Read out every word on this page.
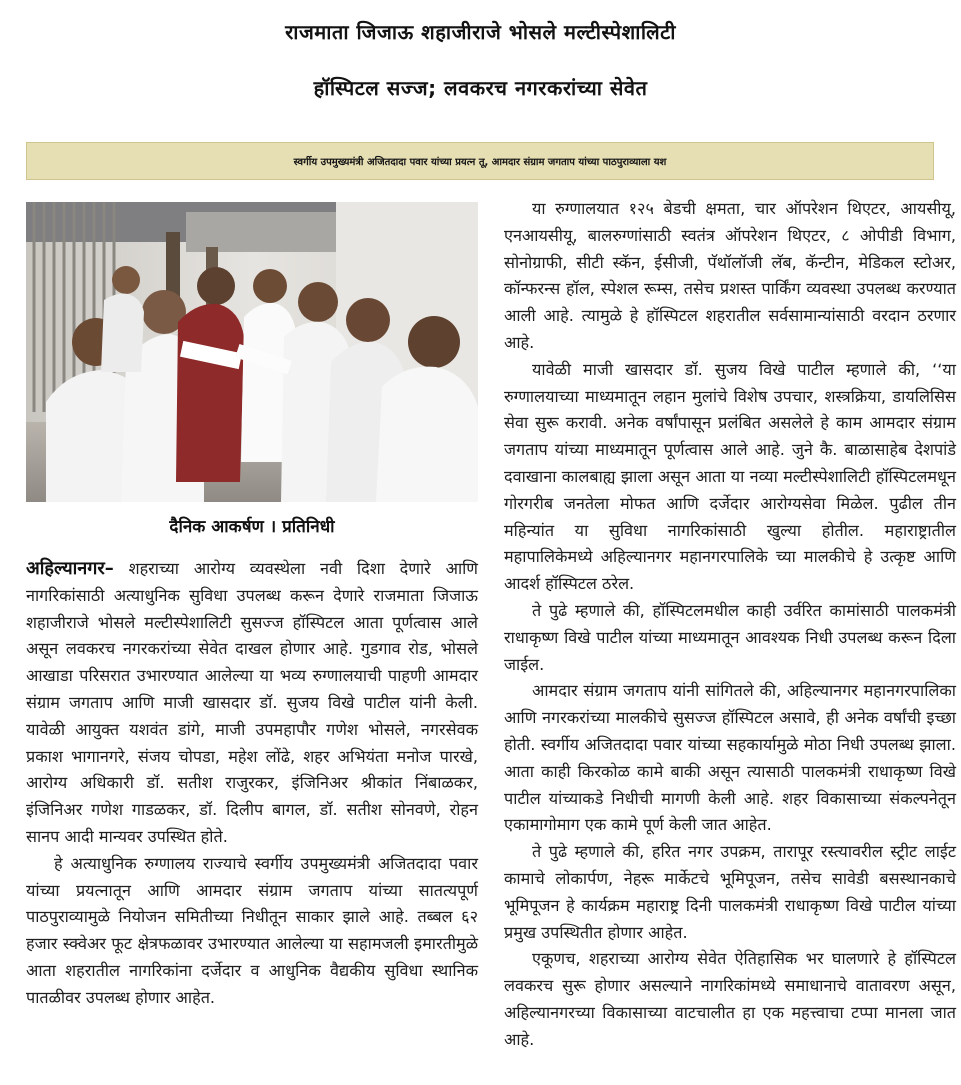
राजमाता जिजाऊ शहाजीराजे भोसले मल्टीस्पेशालिटी
हॉस्पिटल सज्ज; लवकरच नगरकरांच्या सेवेत
स्वर्गीय उपमुख्यमंत्री अजितदादा पवार यांच्या प्रयत्न तू, आमदार संग्राम जगताप यांच्या पाठपुराव्याला यश
दैनिक आकर्षण । प्रतिनिधी

अहिल्यानगर– शहराच्या आरोग्य व्यवस्थेला नवी दिशा देणारे आणि नागरिकांसाठी अत्याधुनिक सुविधा उपलब्ध करून देणारे राजमाता जिजाऊ शहाजीराजे भोसले मल्टीस्पेशालिटी सुसज्ज हॉस्पिटल आता पूर्णत्वास आले असून लवकरच नगरकरांच्या सेवेत दाखल होणार आहे. गुडगाव रोड, भोसले आखाडा परिसरात उभारण्यात आलेल्या या भव्य रुग्णालयाची पाहणी आमदार संग्राम जगताप आणि माजी खासदार डॉ. सुजय विखे पाटील यांनी केली. यावेळी आयुक्त यशवंत डांगे, माजी उपमहापौर गणेश भोसले, नगरसेवक प्रकाश भागानगरे, संजय चोपडा, महेश लोंढे, शहर अभियंता मनोज पारखे, आरोग्य अधिकारी डॉ. सतीश राजुरकर, इंजिनिअर श्रीकांत निंबाळकर, इंजिनिअर गणेश गाडळकर, डॉ. दिलीप बागल, डॉ. सतीश सोनवणे, रोहन सानप आदी मान्यवर उपस्थित होते.

हे अत्याधुनिक रुग्णालय राज्याचे स्वर्गीय उपमुख्यमंत्री अजितदादा पवार यांच्या प्रयत्नातून आणि आमदार संग्राम जगताप यांच्या सातत्यपूर्ण पाठपुराव्यामुळे नियोजन समितीच्या निधीतून साकार झाले आहे. तब्बल ६२ हजार स्क्वेअर फूट क्षेत्रफळावर उभारण्यात आलेल्या या सहामजली इमारतीमुळे आता शहरातील नागरिकांना दर्जेदार व आधुनिक वैद्यकीय सुविधा स्थानिक पातळीवर उपलब्ध होणार आहेत.

या रुग्णालयात १२५ बेडची क्षमता, चार ऑपरेशन थिएटर, आयसीयू, एनआयसीयू, बालरुग्णांसाठी स्वतंत्र ऑपरेशन थिएटर, ८ ओपीडी विभाग, सोनोग्राफी, सीटी स्कॅन, ईसीजी, पॅथॉलॉजी लॅब, कॅन्टीन, मेडिकल स्टोअर, कॉन्फरन्स हॉल, स्पेशल रूम्स, तसेच प्रशस्त पार्किंग व्यवस्था उपलब्ध करण्यात आली आहे. त्यामुळे हे हॉस्पिटल शहरातील सर्वसामान्यांसाठी वरदान ठरणार आहे.

यावेळी माजी खासदार डॉ. सुजय विखे पाटील म्हणाले की, ‘‘या रुग्णालयाच्या माध्यमातून लहान मुलांचे विशेष उपचार, शस्त्रक्रिया, डायलिसिस सेवा सुरू करावी. अनेक वर्षांपासून प्रलंबित असलेले हे काम आमदार संग्राम जगताप यांच्या माध्यमातून पूर्णत्वास आले आहे. जुने कै. बाळासाहेब देशपांडे दवाखाना कालबाह्य झाला असून आता या नव्या मल्टीस्पेशालिटी हॉस्पिटलमधून गोरगरीब जनतेला मोफत आणि दर्जेदार आरोग्यसेवा मिळेल. पुढील तीन महिन्यांत या सुविधा नागरिकांसाठी खुल्या होतील. महाराष्ट्रातील महापालिकेमध्ये अहिल्यानगर महानगरपालिके च्या मालकीचे हे उत्कृष्ट आणि आदर्श हॉस्पिटल ठरेल.

ते पुढे म्हणाले की, हॉस्पिटलमधील काही उर्वरित कामांसाठी पालकमंत्री राधाकृष्ण विखे पाटील यांच्या माध्यमातून आवश्यक निधी उपलब्ध करून दिला जाईल.

आमदार संग्राम जगताप यांनी सांगितले की, अहिल्यानगर महानगरपालिका आणि नगरकरांच्या मालकीचे सुसज्ज हॉस्पिटल असावे, ही अनेक वर्षांची इच्छा होती. स्वर्गीय अजितदादा पवार यांच्या सहकार्यामुळे मोठा निधी उपलब्ध झाला. आता काही किरकोळ कामे बाकी असून त्यासाठी पालकमंत्री राधाकृष्ण विखे पाटील यांच्याकडे निधीची मागणी केली आहे. शहर विकासाच्या संकल्पनेतून एकामागोमाग एक कामे पूर्ण केली जात आहेत.

ते पुढे म्हणाले की, हरित नगर उपक्रम, तारापूर रस्त्यावरील स्ट्रीट लाईट कामाचे लोकार्पण, नेहरू मार्केटचे भूमिपूजन, तसेच सावेडी बसस्थानकाचे भूमिपूजन हे कार्यक्रम महाराष्ट्र दिनी पालकमंत्री राधाकृष्ण विखे पाटील यांच्या प्रमुख उपस्थितीत होणार आहेत.

एकूणच, शहराच्या आरोग्य सेवेत ऐतिहासिक भर घालणारे हे हॉस्पिटल लवकरच सुरू होणार असल्याने नागरिकांमध्ये समाधानाचे वातावरण असून, अहिल्यानगरच्या विकासाच्या वाटचालीत हा एक महत्त्वाचा टप्पा मानला जात आहे.
